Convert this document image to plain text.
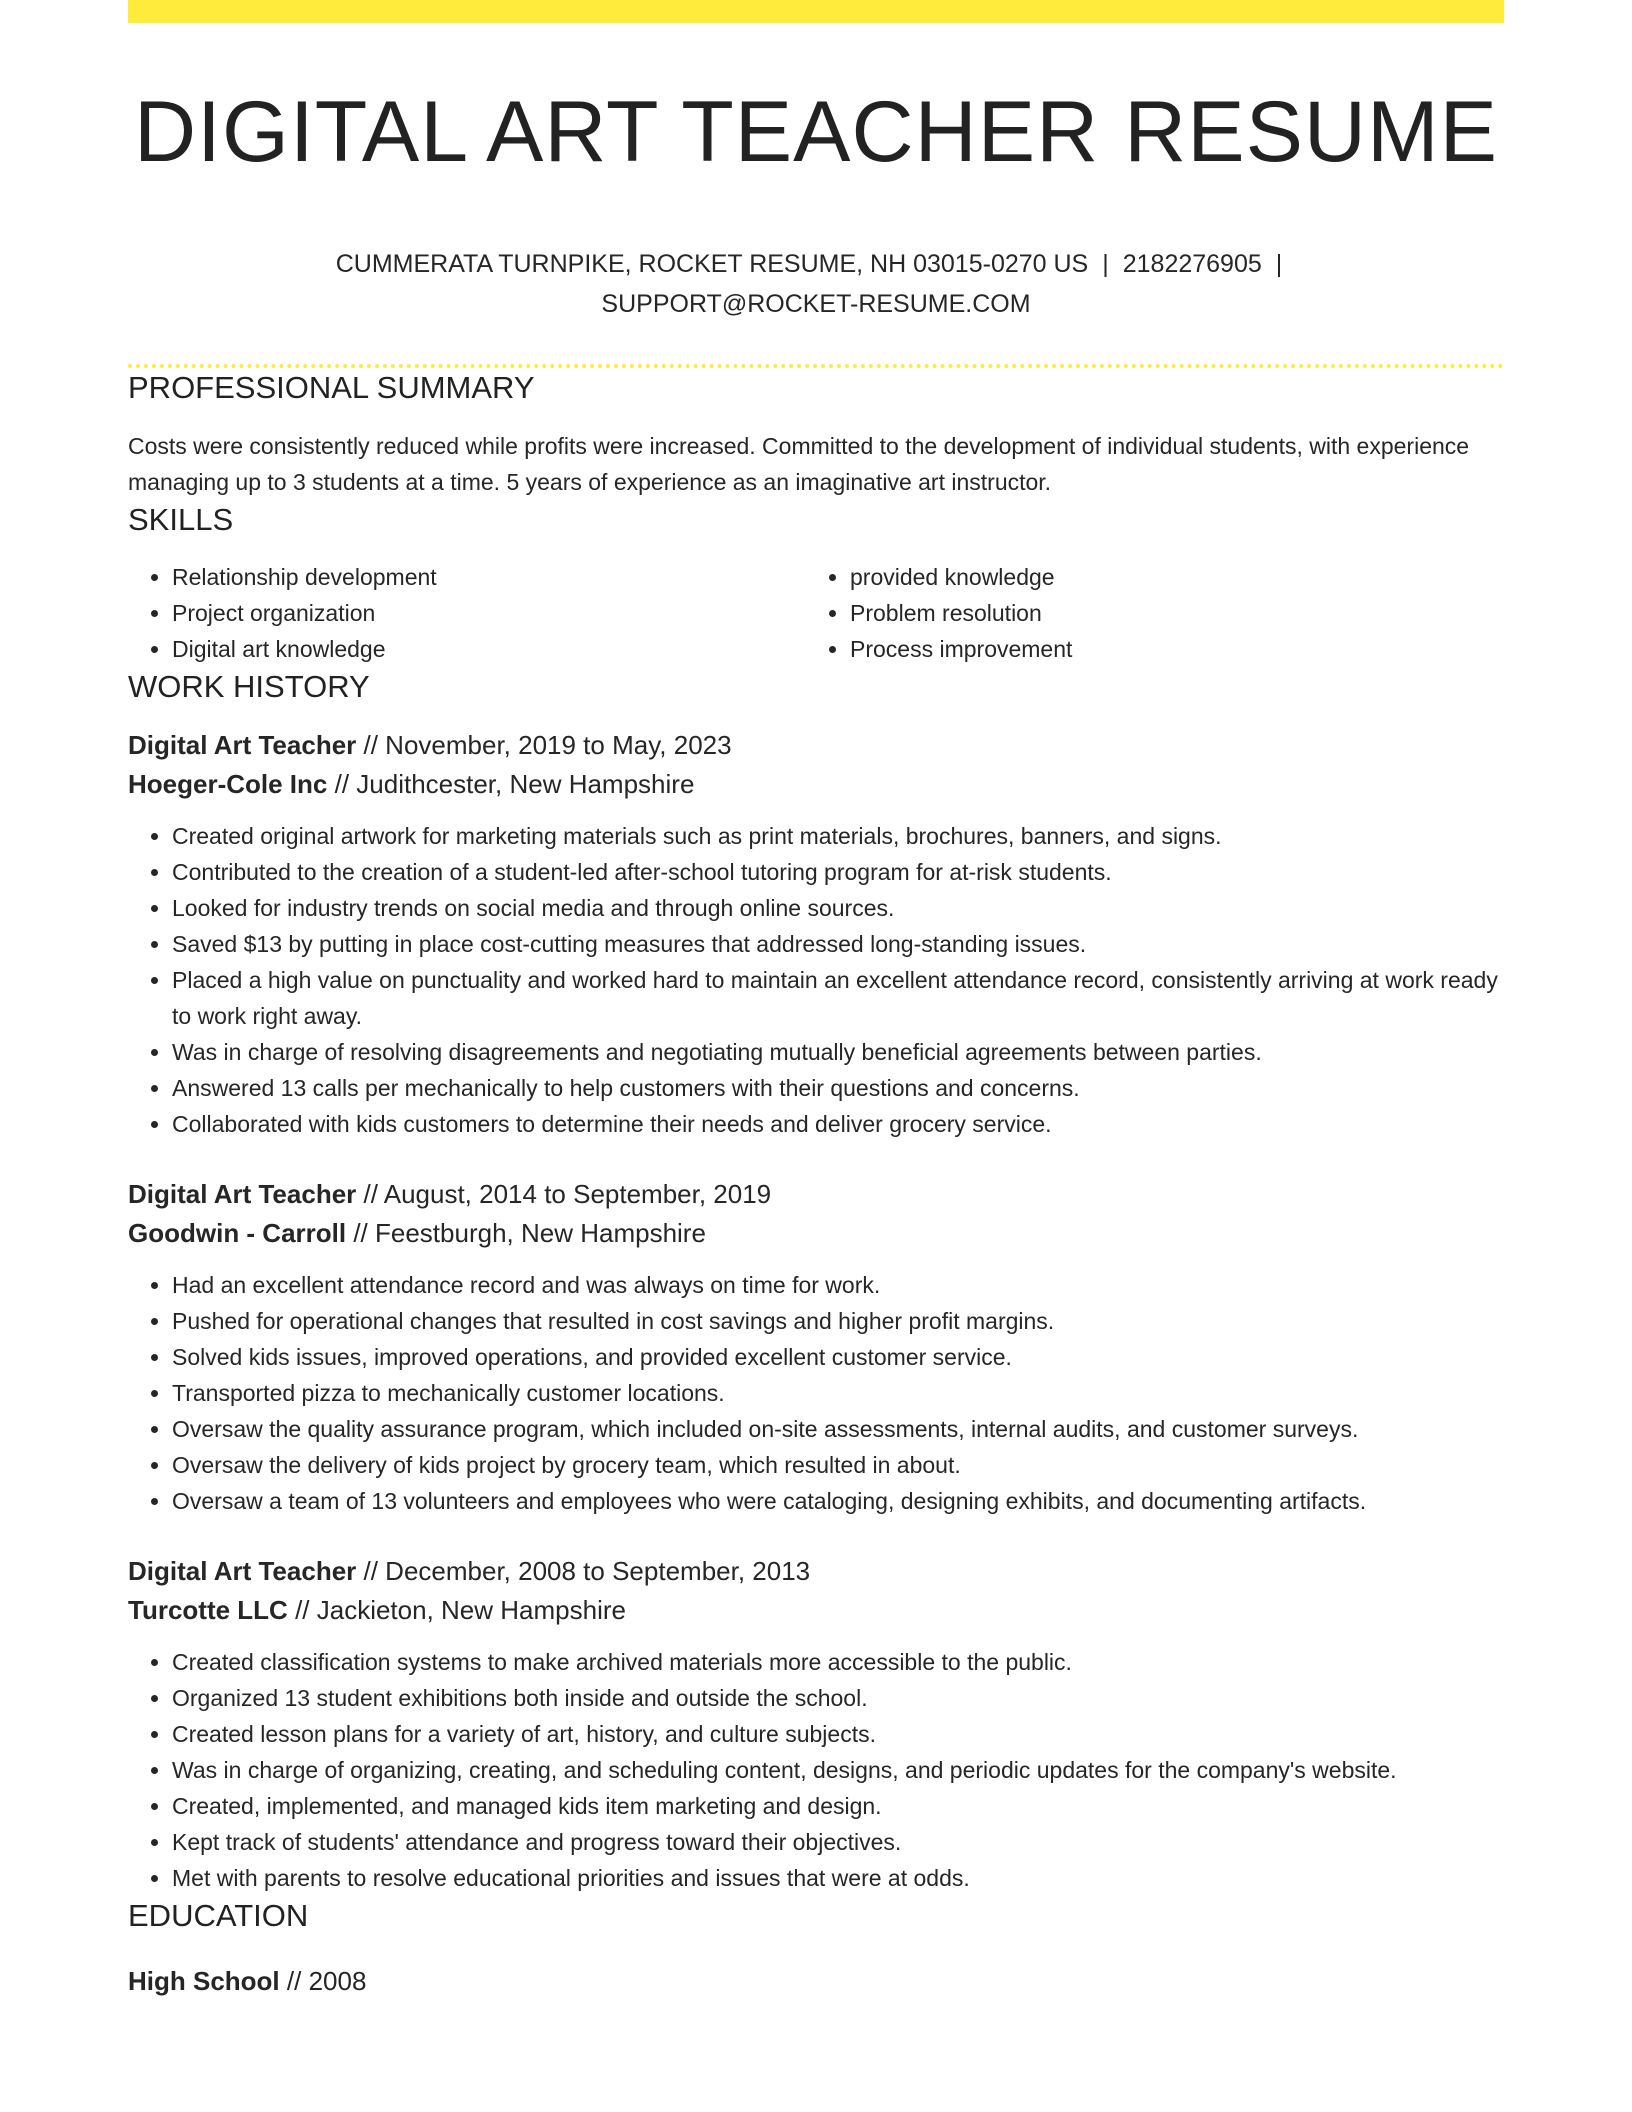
DIGITAL ART TEACHER RESUME
CUMMERATA TURNPIKE, ROCKET RESUME, NH 03015-0270 US | 2182276905 |
SUPPORT@ROCKET-RESUME.COM
PROFESSIONAL SUMMARY
Costs were consistently reduced while profits were increased. Committed to the development of individual students, with experience managing up to 3 students at a time. 5 years of experience as an imaginative art instructor.
SKILLS
• Relationship development
• Project organization
• Digital art knowledge
• provided knowledge
• Problem resolution
• Process improvement
WORK HISTORY
Digital Art Teacher // November, 2019 to May, 2023
Hoeger-Cole Inc // Judithcester, New Hampshire
• Created original artwork for marketing materials such as print materials, brochures, banners, and signs.
• Contributed to the creation of a student-led after-school tutoring program for at-risk students.
• Looked for industry trends on social media and through online sources.
• Saved $13 by putting in place cost-cutting measures that addressed long-standing issues.
• Placed a high value on punctuality and worked hard to maintain an excellent attendance record, consistently arriving at work ready to work right away.
• Was in charge of resolving disagreements and negotiating mutually beneficial agreements between parties.
• Answered 13 calls per mechanically to help customers with their questions and concerns.
• Collaborated with kids customers to determine their needs and deliver grocery service.
Digital Art Teacher // August, 2014 to September, 2019
Goodwin - Carroll // Feestburgh, New Hampshire
• Had an excellent attendance record and was always on time for work.
• Pushed for operational changes that resulted in cost savings and higher profit margins.
• Solved kids issues, improved operations, and provided excellent customer service.
• Transported pizza to mechanically customer locations.
• Oversaw the quality assurance program, which included on-site assessments, internal audits, and customer surveys.
• Oversaw the delivery of kids project by grocery team, which resulted in about.
• Oversaw a team of 13 volunteers and employees who were cataloging, designing exhibits, and documenting artifacts.
Digital Art Teacher // December, 2008 to September, 2013
Turcotte LLC // Jackieton, New Hampshire
• Created classification systems to make archived materials more accessible to the public.
• Organized 13 student exhibitions both inside and outside the school.
• Created lesson plans for a variety of art, history, and culture subjects.
• Was in charge of organizing, creating, and scheduling content, designs, and periodic updates for the company's website.
• Created, implemented, and managed kids item marketing and design.
• Kept track of students' attendance and progress toward their objectives.
• Met with parents to resolve educational priorities and issues that were at odds.
EDUCATION
High School // 2008
